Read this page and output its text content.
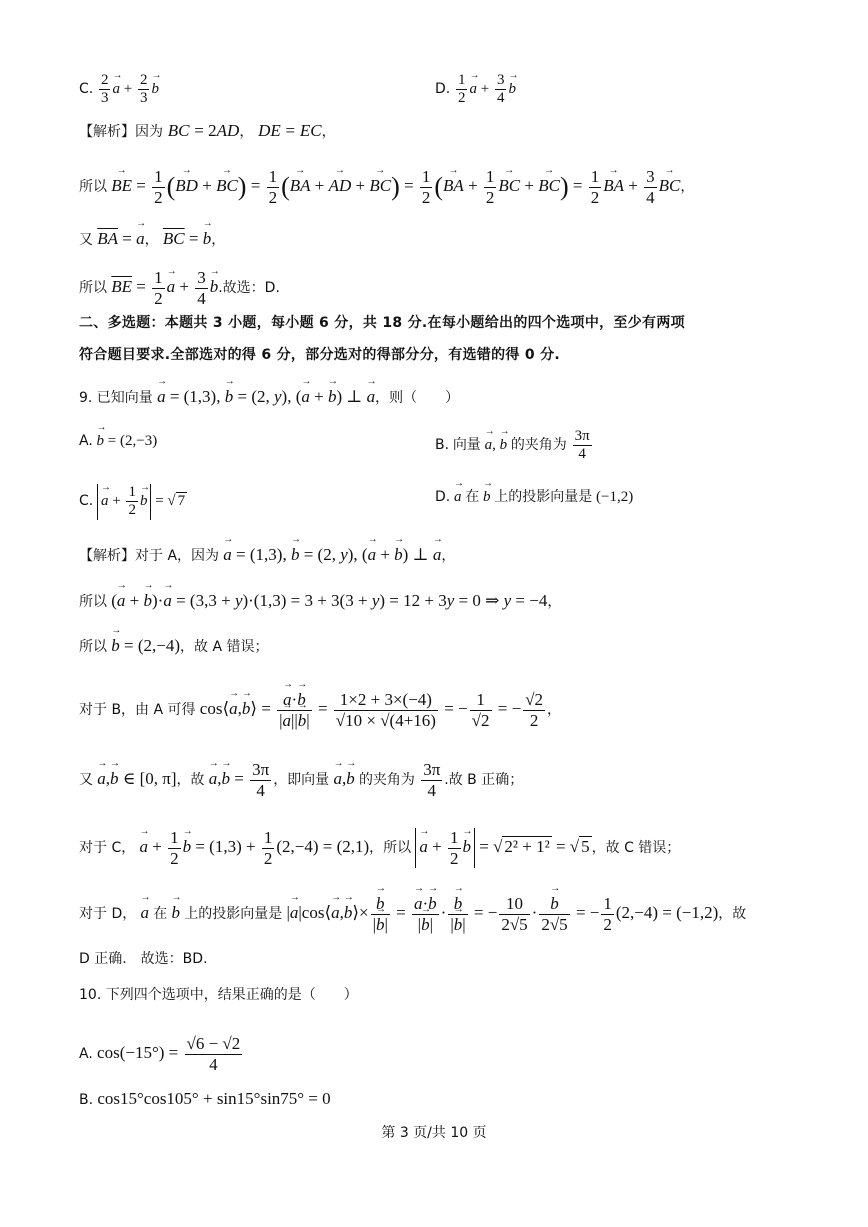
C. $\frac{2}{3} \to a + \frac{2}{3} \to b$	D. $\frac{1}{2} \to a + \frac{3}{4} \to b$
【解析】因为 BC = 2AD， DE = EC，
所以 → BE = $\frac{1}{2}$ (→ BD + → $BC) = \frac{1}{2}$ (→ BA + → AD + → $BC) = \frac{1}{2}$ (→ BA + $\frac{1}{2}$ → BC + → $BC) = \frac{1}{2}$ → BA + $\frac{3}{4}$ → BC，
又 $\overline{BA}$ = → a， $\overline{BC}$ = → b，
所以 $\overline{BE} = \frac{1}{2} \to a + \frac{3}{4} \to b$.故选：D.
二、多选题：本题共 3 小题，每小题 6 分，共 18 分.在每小题给出的四个选项中，至少有两项
符合题目要求.全部选对的得 6 分，部分选对的得部分分，有选错的得 0 分.
9. 已知向量 → a = (1,3), → b = (2, y), (→ a + → b) ⊥ → a，则（　　）
A. → b = (2,−3)	B. 向量 → a, → b 的夹角为 $\frac{3\pi}{4}$
C. → $a + \frac{1}{2} \to b$ = √ 7	D. → a 在 → b 上的投影向量是 (−1,2)
【解析】对于 A，因为 → a = (1,3), → b = (2, y), (→ a + → b) ⊥ → a，
所以 (→ a + → b)·→ a = (3,3 + y)·(1,3) = 3 + 3(3 + y) = 12 + 3y = 0 ⇒ y = −4，
所以 → b = (2,−4)，故 A 错误；
对于 B，由 A 可得 cos⟨→ a,→ b⟩ = → $\frac{a\cdot\to b}{|\to a||\to b|} = \frac{1\times 2 + 3\times(-4)}{√10 \times √(4+16)}$ = − $\frac{1}{√2}$ = − $\frac{√2}{2}$ ，
又 → a,→ b ∈ [0, π]，故 → $a,\to b = \frac{3\pi}{4}$ ，即向量 → a,→ b 的夹角为 $\frac{3\pi}{4}$ .故 B 正确；
对于 C， → $a + \frac{1}{2} \to b = (1,3) + \frac{1}{2} (2,-4) = (2,1)$，所以 → $a + \frac{1}{2} \to b$ = √ 2² + 1² = √ 5 ，故 C 错误；
对于 D， → a 在 → b 上的投影向量是 |→ a|cos⟨→ a,→ b⟩× → $\frac{b}{|\to b|}$ = → $\frac{a\cdot\to b}{|\to b|}$ · → $\frac{b}{|\to b|}$ = − $\frac{10}{2√5}$ · → $\frac{b}{2√5}$ = − $\frac{1}{2} (2,-4) = (-1,2)$，故
D 正确.　故选：BD.
10. 下列四个选项中，结果正确的是（　　）
A. $\cos(-15^\circ) = \frac{√6 - √2}{4}$
B. cos15°cos105° + sin15°sin75° = 0
第 3 页/共 10 页
